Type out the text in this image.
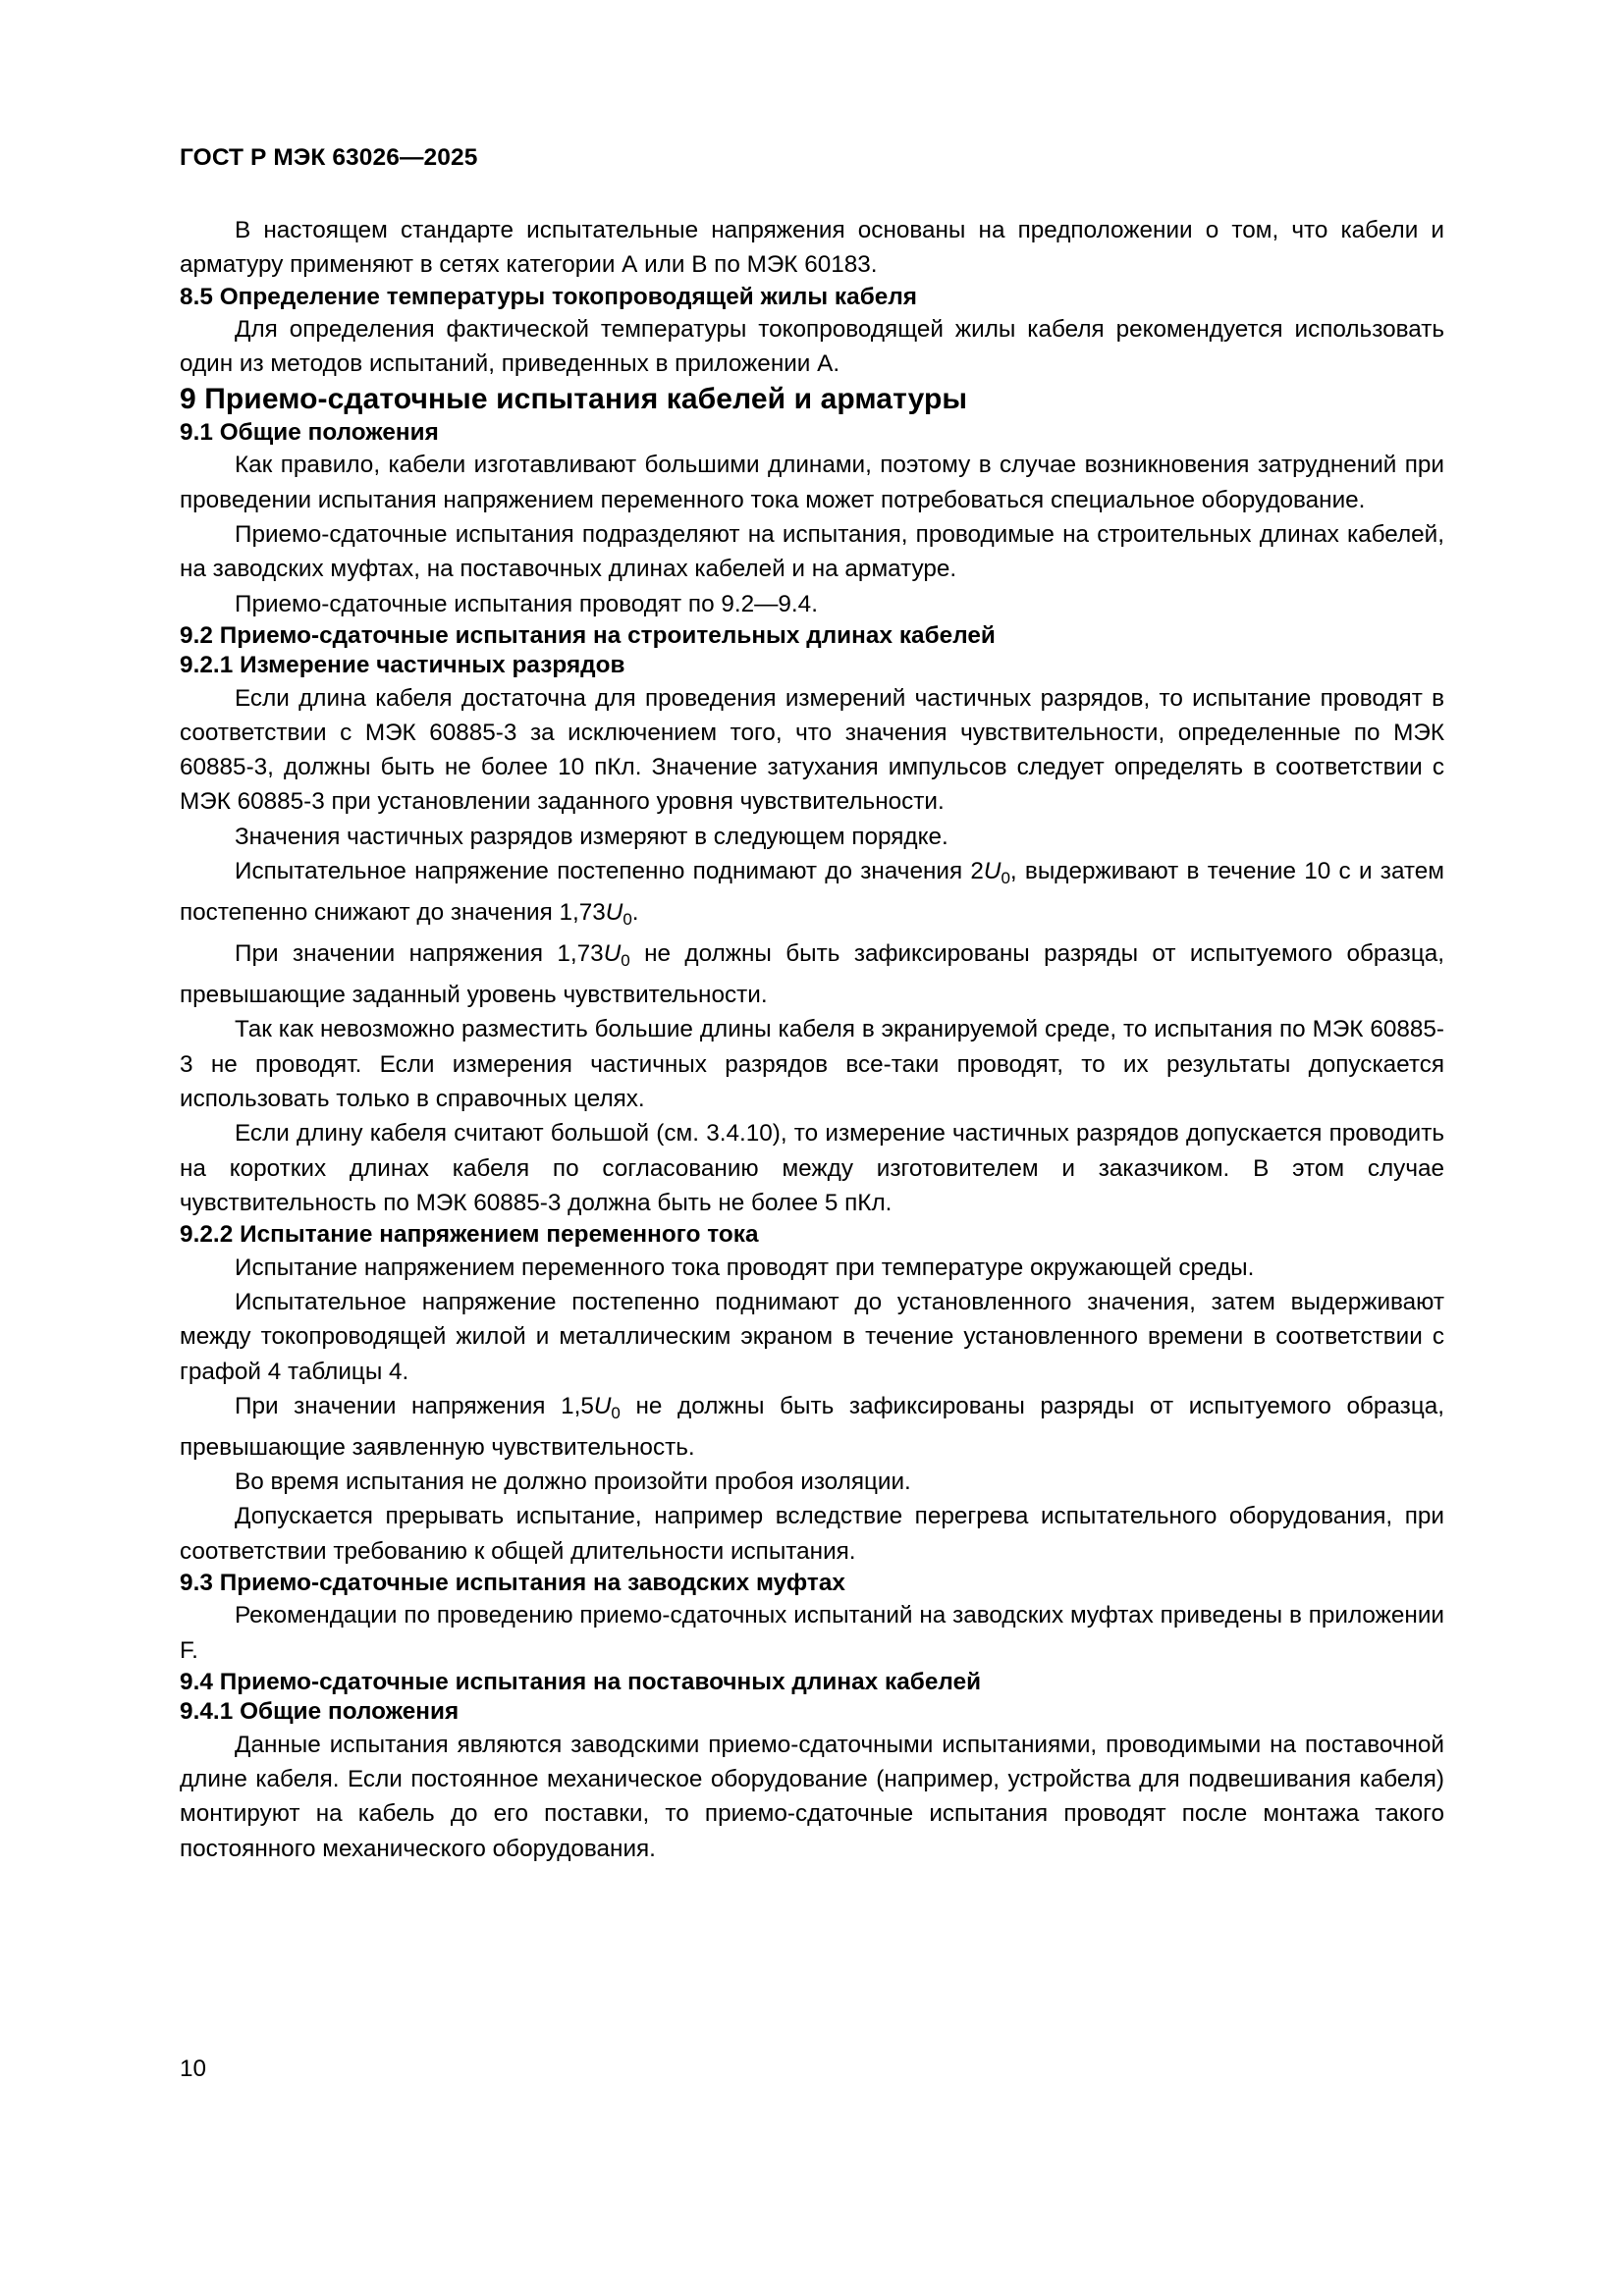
ГОСТ Р МЭК 63026—2025

В настоящем стандарте испытательные напряжения основаны на предположении о том, что кабели и арматуру применяют в сетях категории А или В по МЭК 60183.

8.5 Определение температуры токопроводящей жилы кабеля

Для определения фактической температуры токопроводящей жилы кабеля рекомендуется использовать один из методов испытаний, приведенных в приложении А.

9 Приемо-сдаточные испытания кабелей и арматуры
9.1 Общие положения

Как правило, кабели изготавливают большими длинами, поэтому в случае возникновения затруднений при проведении испытания напряжением переменного тока может потребоваться специальное оборудование.

Приемо-сдаточные испытания подразделяют на испытания, проводимые на строительных длинах кабелей, на заводских муфтах, на поставочных длинах кабелей и на арматуре.

Приемо-сдаточные испытания проводят по 9.2—9.4.

9.2 Приемо-сдаточные испытания на строительных длинах кабелей
9.2.1 Измерение частичных разрядов

Если длина кабеля достаточна для проведения измерений частичных разрядов, то испытание проводят в соответствии с МЭК 60885-3 за исключением того, что значения чувствительности, определенные по МЭК 60885-3, должны быть не более 10 пКл. Значение затухания импульсов следует определять в соответствии с МЭК 60885-3 при установлении заданного уровня чувствительности.

Значения частичных разрядов измеряют в следующем порядке.

Испытательное напряжение постепенно поднимают до значения $2U_0$, выдерживают в течение 10 с и затем постепенно снижают до значения $1,73U_0$.

При значении напряжения $1,73U_0$ не должны быть зафиксированы разряды от испытуемого образца, превышающие заданный уровень чувствительности.

Так как невозможно разместить большие длины кабеля в экранируемой среде, то испытания по МЭК 60885-3 не проводят. Если измерения частичных разрядов все-таки проводят, то их результаты допускается использовать только в справочных целях.

Если длину кабеля считают большой (см. 3.4.10), то измерение частичных разрядов допускается проводить на коротких длинах кабеля по согласованию между изготовителем и заказчиком. В этом случае чувствительность по МЭК 60885-3 должна быть не более 5 пКл.

9.2.2 Испытание напряжением переменного тока

Испытание напряжением переменного тока проводят при температуре окружающей среды.

Испытательное напряжение постепенно поднимают до установленного значения, затем выдерживают между токопроводящей жилой и металлическим экраном в течение установленного времени в соответствии с графой 4 таблицы 4.

При значении напряжения $1,5U_0$ не должны быть зафиксированы разряды от испытуемого образца, превышающие заявленную чувствительность.

Во время испытания не должно произойти пробоя изоляции.

Допускается прерывать испытание, например вследствие перегрева испытательного оборудования, при соответствии требованию к общей длительности испытания.

9.3 Приемо-сдаточные испытания на заводских муфтах

Рекомендации по проведению приемо-сдаточных испытаний на заводских муфтах приведены в приложении F.

9.4 Приемо-сдаточные испытания на поставочных длинах кабелей
9.4.1 Общие положения

Данные испытания являются заводскими приемо-сдаточными испытаниями, проводимыми на поставочной длине кабеля. Если постоянное механическое оборудование (например, устройства для подвешивания кабеля) монтируют на кабель до его поставки, то приемо-сдаточные испытания проводят после монтажа такого постоянного механического оборудования.

10
